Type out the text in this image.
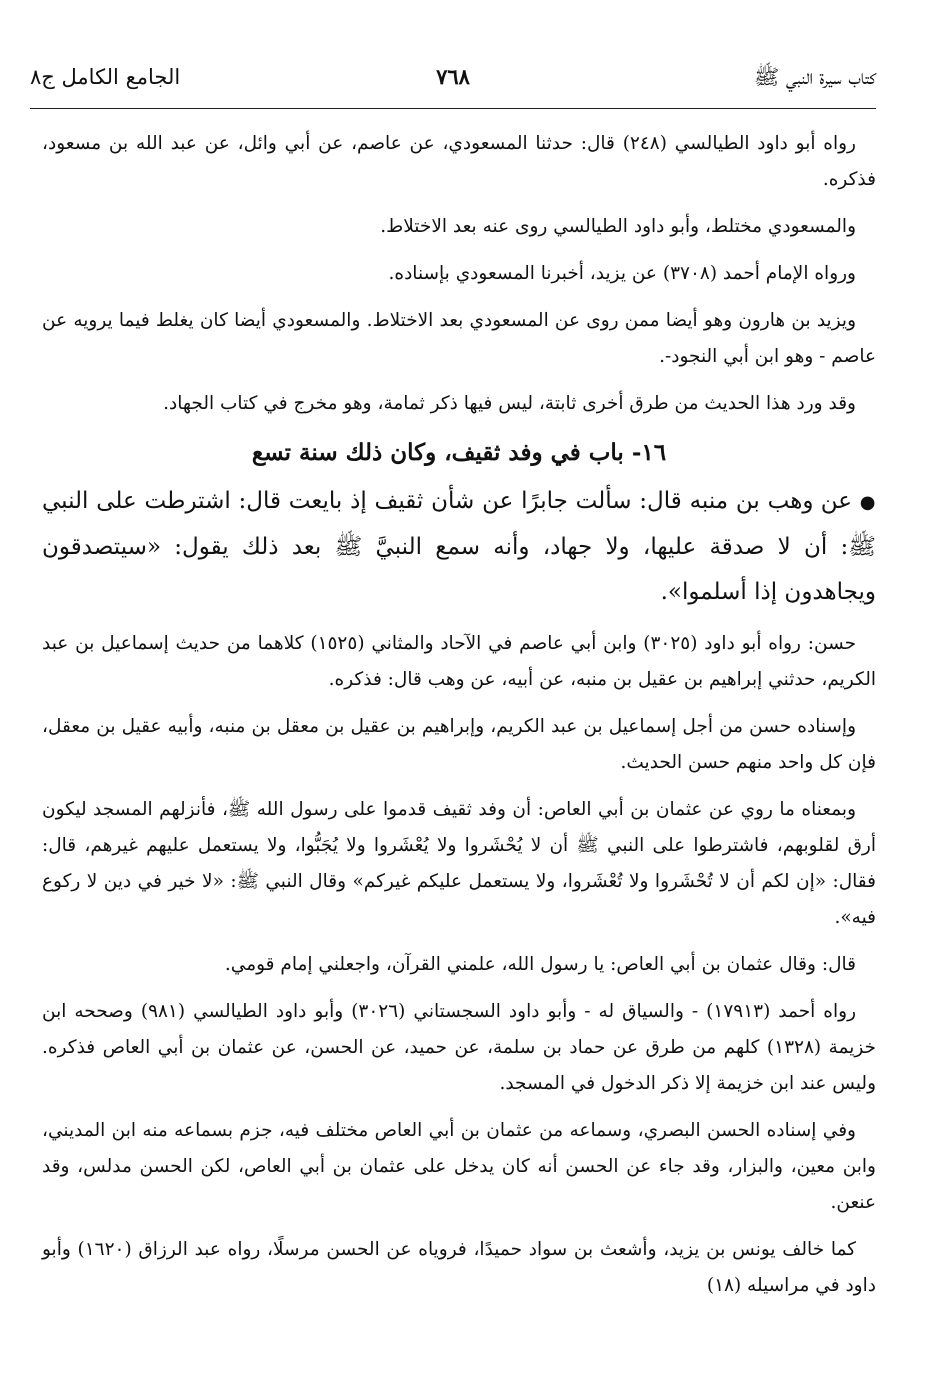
كتاب سيرة النبي ﷺ
٧٦٨
الجامع الكامل ج٨

رواه أبو داود الطيالسي (٢٤٨) قال: حدثنا المسعودي، عن عاصم، عن أبي وائل، عن عبد الله بن مسعود، فذكره.

والمسعودي مختلط، وأبو داود الطيالسي روى عنه بعد الاختلاط.

ورواه الإمام أحمد (٣٧٠٨) عن يزيد، أخبرنا المسعودي بإسناده.

ويزيد بن هارون وهو أيضا ممن روى عن المسعودي بعد الاختلاط. والمسعودي أيضا كان يغلط فيما يرويه عن عاصم - وهو ابن أبي النجود-.

وقد ورد هذا الحديث من طرق أخرى ثابتة، ليس فيها ذكر ثمامة، وهو مخرج في كتاب الجهاد.

١٦- باب في وفد ثقيف، وكان ذلك سنة تسع

● عن وهب بن منبه قال: سألت جابرًا عن شأن ثقيف إذ بايعت قال: اشترطت على النبي ﷺ: أن لا صدقة عليها، ولا جهاد، وأنه سمع النبيَّ ﷺ بعد ذلك يقول: «سيتصدقون ويجاهدون إذا أسلموا».

حسن: رواه أبو داود (٣٠٢٥) وابن أبي عاصم في الآحاد والمثاني (١٥٢٥) كلاهما من حديث إسماعيل بن عبد الكريم، حدثني إبراهيم بن عقيل بن منبه، عن أبيه، عن وهب قال: فذكره.

وإسناده حسن من أجل إسماعيل بن عبد الكريم، وإبراهيم بن عقيل بن معقل بن منبه، وأبيه عقيل بن معقل، فإن كل واحد منهم حسن الحديث.

وبمعناه ما روي عن عثمان بن أبي العاص: أن وفد ثقيف قدموا على رسول الله ﷺ، فأنزلهم المسجد ليكون أرق لقلوبهم، فاشترطوا على النبي ﷺ أن لا يُحْشَروا ولا يُعْشَروا ولا يُجَبُّوا، ولا يستعمل عليهم غيرهم، قال: فقال: «إن لكم أن لا تُحْشَروا ولا تُعْشَروا، ولا يستعمل عليكم غيركم» وقال النبي ﷺ: «لا خير في دين لا ركوع فيه».

قال: وقال عثمان بن أبي العاص: يا رسول الله، علمني القرآن، واجعلني إمام قومي.

رواه أحمد (١٧٩١٣) - والسياق له - وأبو داود السجستاني (٣٠٢٦) وأبو داود الطيالسي (٩٨١) وصححه ابن خزيمة (١٣٢٨) كلهم من طرق عن حماد بن سلمة، عن حميد، عن الحسن، عن عثمان بن أبي العاص فذكره. وليس عند ابن خزيمة إلا ذكر الدخول في المسجد.

وفي إسناده الحسن البصري، وسماعه من عثمان بن أبي العاص مختلف فيه، جزم بسماعه منه ابن المديني، وابن معين، والبزار، وقد جاء عن الحسن أنه كان يدخل على عثمان بن أبي العاص، لكن الحسن مدلس، وقد عنعن.

كما خالف يونس بن يزيد، وأشعث بن سواد حميدًا، فروياه عن الحسن مرسلًا، رواه عبد الرزاق (١٦٢٠) وأبو داود في مراسيله (١٨)
